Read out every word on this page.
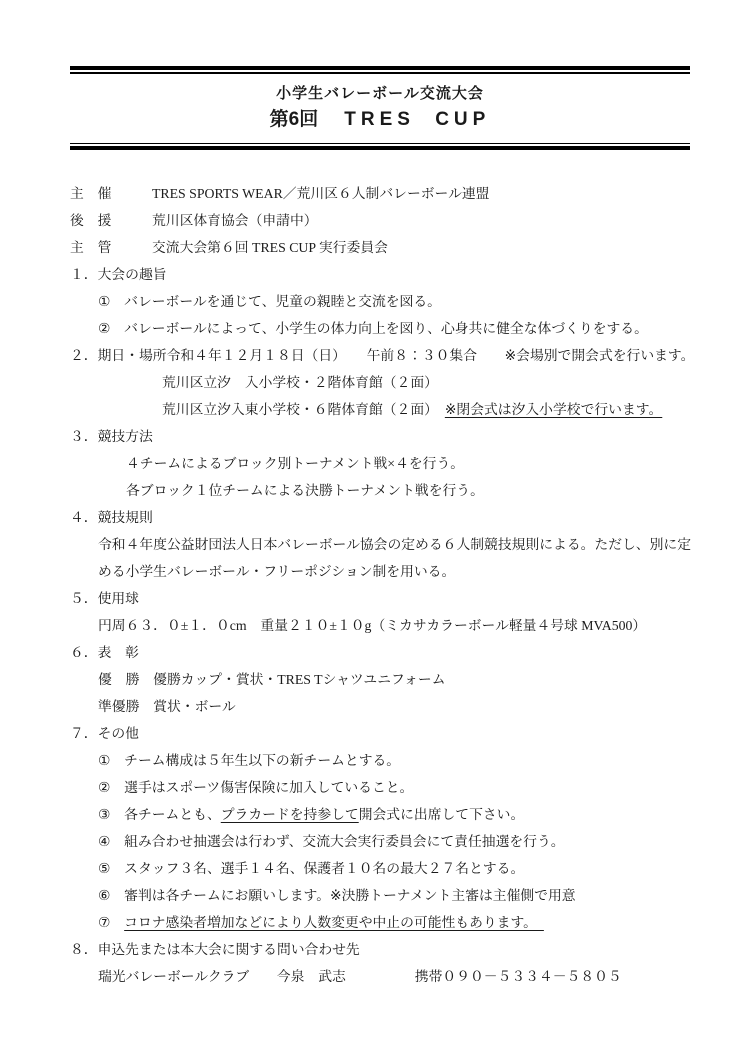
小学生バレーボール交流大会
第6回 TRES CUP
主　催	TRES SPORTS WEAR／荒川区６人制バレーボール連盟
後　援	荒川区体育協会（申請中）
主　管	交流大会第６回 TRES CUP 実行委員会
１．大会の趣旨
①　バレーボールを通じて、児童の親睦と交流を図る。
②　バレーボールによって、小学生の体力向上を図り、心身共に健全な体づくりをする。
２．期日・場所 令和４年１２月１８日（日）　　午前８：３０集合　　※会場別で開会式を行います。
荒川区立汐　入小学校・２階体育館（２面）
荒川区立汐入東小学校・６階体育館（２面）　 ※閉会式は汐入小学校で行います。
３．競技方法
４チームによるブロック別トーナメント戦×４を行う。
各ブロック１位チームによる決勝トーナメント戦を行う。
４．競技規則
令和４年度公益財団法人日本バレーボール協会の定める６人制競技規則による。ただし、別に定
める小学生バレーボール・フリーポジション制を用いる。
５．使用球
円周６３．０±１．０cm　重量２１０±１０g（ミカサカラーボール軽量４号球 MVA500）
６．表　彰
優　勝　優勝カップ・賞状・TRES Tシャツユニフォーム
準優勝　賞状・ボール
７．その他
①　チーム構成は５年生以下の新チームとする。
②　選手はスポーツ傷害保険に加入していること。
③　各チームとも、 プラカードを持参して 開会式に出席して下さい。
④　組み合わせ抽選会は行わず、交流大会実行委員会にて責任抽選を行う。
⑤　スタッフ３名、選手１４名、保護者１０名の最大２７名とする。
⑥　審判は各チームにお願いします。※決勝トーナメント主審は主催側で用意
⑦　 コロナ感染者増加などにより人数変更や中止の可能性もあります。　
８．申込先または本大会に関する問い合わせ先
瑞光バレーボールクラブ　　今泉　武志　　　　　携帯０９０－５３３４－５８０５
